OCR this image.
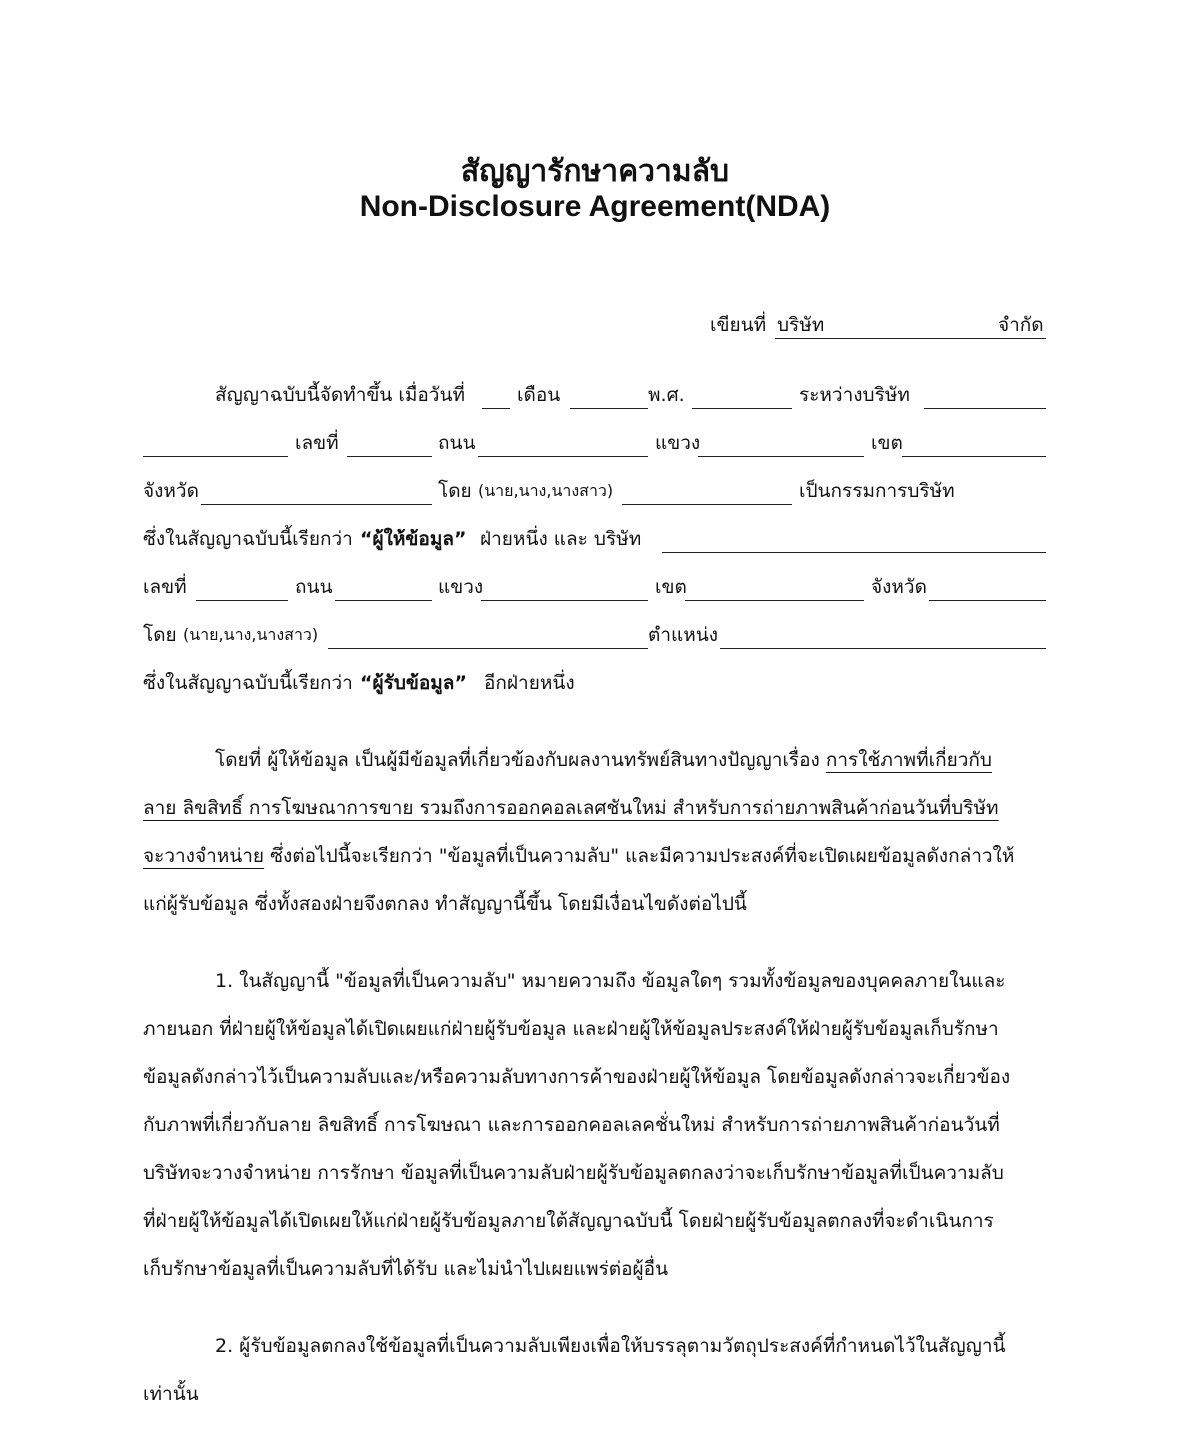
สัญญารักษาความลับ
Non-Disclosure Agreement(NDA)
เขียนที่ บริษัท	จำกัด
สัญญาฉบับนี้จัดทำขึ้น เมื่อวันที่	เดือน	พ.ศ.	ระหว่างบริษัท
เลขที่	ถนน	แขวง	เขต
จังหวัด	โดย (นาย,นาง,นางสาว)	เป็นกรรมการบริษัท
ซึ่งในสัญญาฉบับนี้เรียกว่า “ผู้ให้ข้อมูล” ฝ่ายหนึ่ง และ บริษัท
เลขที่	ถนน	แขวง	เขต	จังหวัด
โดย (นาย,นาง,นางสาว)	ตำแหน่ง
ซึ่งในสัญญาฉบับนี้เรียกว่า “ผู้รับข้อมูล” อีกฝ่ายหนึ่ง
โดยที่ ผู้ให้ข้อมูล เป็นผู้มีข้อมูลที่เกี่ยวข้องกับผลงานทรัพย์สินทางปัญญาเรื่อง การใช้ภาพที่เกี่ยวกับ
ลาย ลิขสิทธิ์ การโฆษณาการขาย รวมถึงการออกคอลเลศชันใหม่ สำหรับการถ่ายภาพสินค้าก่อนวันที่บริษัท
จะวางจำหน่าย ซึ่งต่อไปนี้จะเรียกว่า "ข้อมูลที่เป็นความลับ" และมีความประสงค์ที่จะเปิดเผยข้อมูลดังกล่าวให้
แก่ผู้รับข้อมูล ซึ่งทั้งสองฝ่ายจึงตกลง ทำสัญญานี้ขึ้น โดยมีเงื่อนไขดังต่อไปนี้
1. ในสัญญานี้ "ข้อมูลที่เป็นความลับ" หมายความถึง ข้อมูลใดๆ รวมทั้งข้อมูลของบุคคลภายในและ
ภายนอก ที่ฝ่ายผู้ให้ข้อมูลได้เปิดเผยแก่ฝ่ายผู้รับข้อมูล และฝ่ายผู้ให้ข้อมูลประสงค์ให้ฝ่ายผู้รับข้อมูลเก็บรักษา
ข้อมูลดังกล่าวไว้เป็นความลับและ/หรือความลับทางการค้าของฝ่ายผู้ให้ข้อมูล โดยข้อมูลดังกล่าวจะเกี่ยวข้อง
กับภาพที่เกี่ยวกับลาย ลิขสิทธิ์ การโฆษณา และการออกคอลเลคชั่นใหม่ สำหรับการถ่ายภาพสินค้าก่อนวันที่
บริษัทจะวางจำหน่าย การรักษา ข้อมูลที่เป็นความลับฝ่ายผู้รับข้อมูลตกลงว่าจะเก็บรักษาข้อมูลที่เป็นความลับ
ที่ฝ่ายผู้ให้ข้อมูลได้เปิดเผยให้แก่ฝ่ายผู้รับข้อมูลภายใต้สัญญาฉบับนี้ โดยฝ่ายผู้รับข้อมูลตกลงที่จะดำเนินการ
เก็บรักษาข้อมูลที่เป็นความลับที่ได้รับ และไม่นำไปเผยแพร่ต่อผู้อื่น
2. ผู้รับข้อมูลตกลงใช้ข้อมูลที่เป็นความลับเพียงเพื่อให้บรรลุตามวัตถุประสงค์ที่กำหนดไว้ในสัญญานี้
เท่านั้น
